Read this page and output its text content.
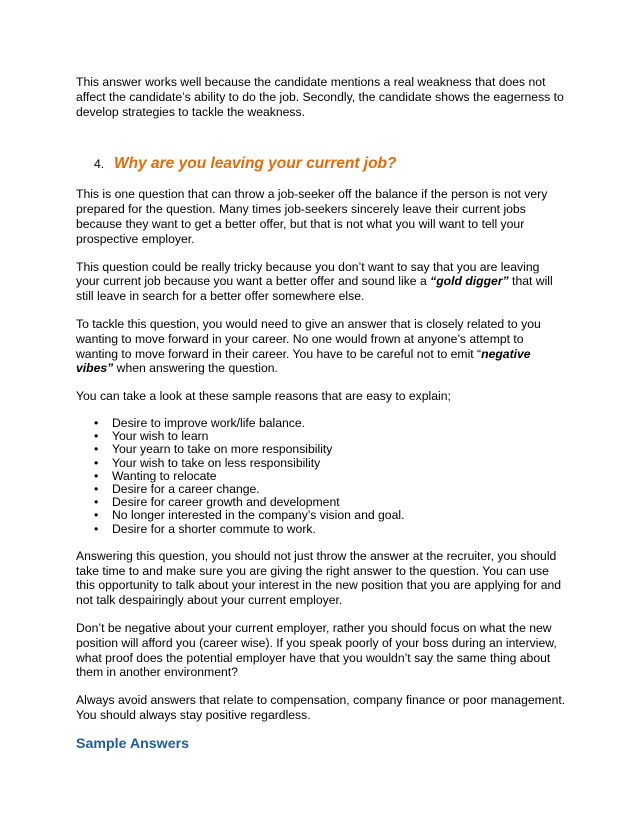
This answer works well because the candidate mentions a real weakness that does not affect the candidate’s ability to do the job. Secondly, the candidate shows the eagerness to develop strategies to tackle the weakness.

4. Why are you leaving your current job?

This is one question that can throw a job-seeker off the balance if the person is not very prepared for the question. Many times job-seekers sincerely leave their current jobs because they want to get a better offer, but that is not what you will want to tell your prospective employer.

This question could be really tricky because you don’t want to say that you are leaving your current job because you want a better offer and sound like a “gold digger” that will still leave in search for a better offer somewhere else.

To tackle this question, you would need to give an answer that is closely related to you wanting to move forward in your career. No one would frown at anyone’s attempt to wanting to move forward in their career. You have to be careful not to emit “negative vibes” when answering the question.

You can take a look at these sample reasons that are easy to explain;

• Desire to improve work/life balance.
• Your wish to learn
• Your yearn to take on more responsibility
• Your wish to take on less responsibility
• Wanting to relocate
• Desire for a career change.
• Desire for career growth and development
• No longer interested in the company’s vision and goal.
• Desire for a shorter commute to work.

Answering this question, you should not just throw the answer at the recruiter, you should take time to and make sure you are giving the right answer to the question. You can use this opportunity to talk about your interest in the new position that you are applying for and not talk despairingly about your current employer.

Don’t be negative about your current employer, rather you should focus on what the new position will afford you (career wise). If you speak poorly of your boss during an interview, what proof does the potential employer have that you wouldn’t say the same thing about them in another environment?

Always avoid answers that relate to compensation, company finance or poor management. You should always stay positive regardless.

Sample Answers
